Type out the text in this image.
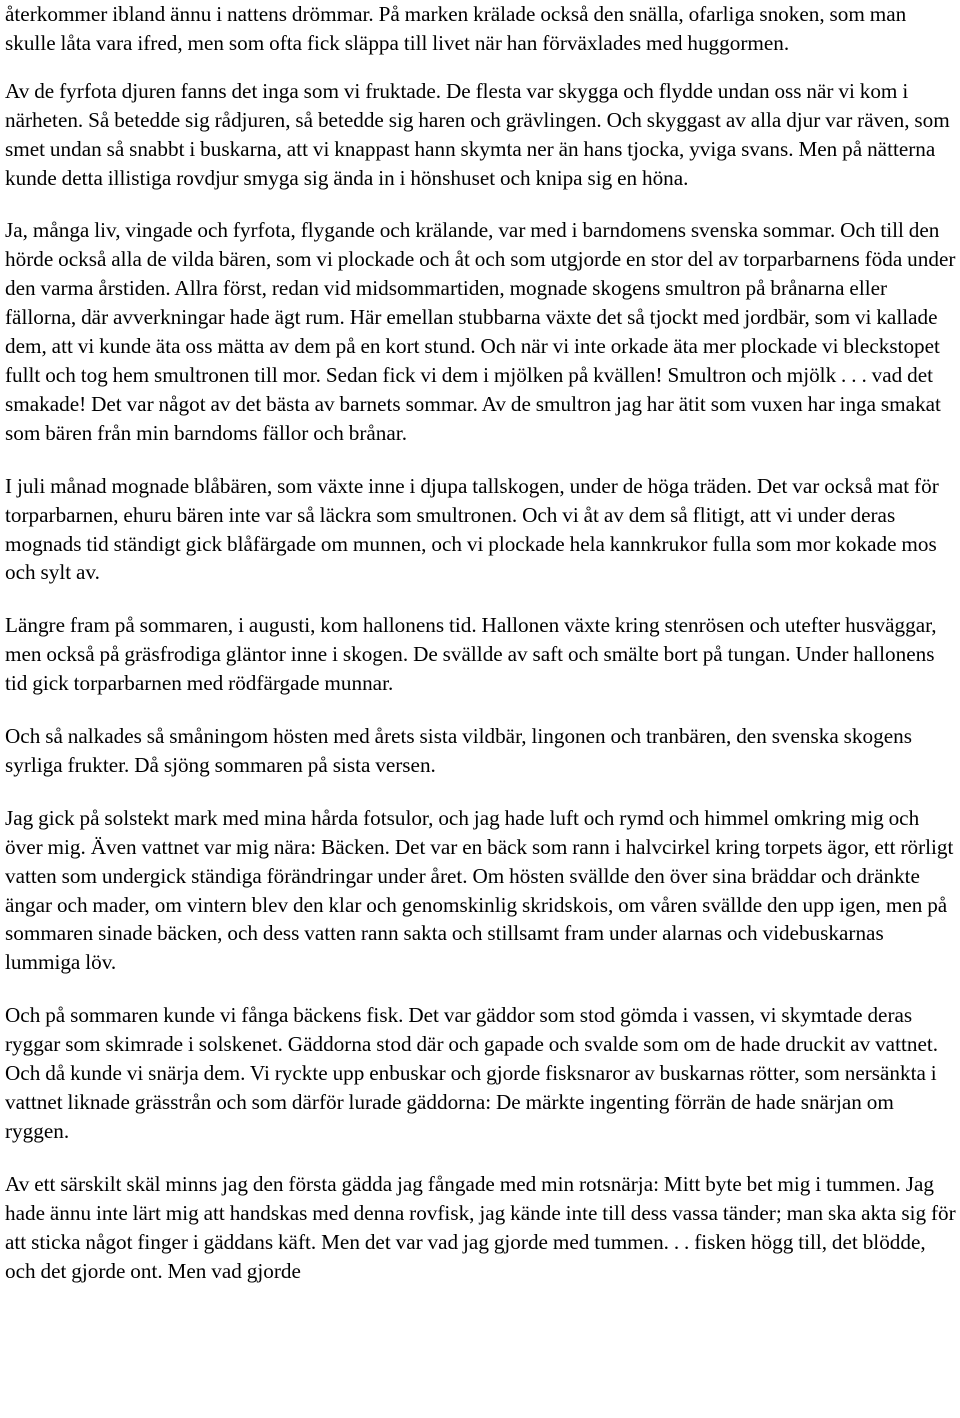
återkommer ibland ännu i nattens drömmar. På marken krälade också den snälla, ofarliga snoken, som man skulle låta vara ifred, men som ofta fick släppa till livet när han förväxlades med huggormen.

Av de fyrfota djuren fanns det inga som vi fruktade. De flesta var skygga och flydde undan oss när vi kom i närheten. Så betedde sig rådjuren, så betedde sig haren och grävlingen. Och skyggast av alla djur var räven, som smet undan så snabbt i buskarna, att vi knappast hann skymta ner än hans tjocka, yviga svans. Men på nätterna kunde detta illistiga rovdjur smyga sig ända in i hönshuset och knipa sig en höna.

Ja, många liv, vingade och fyrfota, flygande och krälande, var med i barndomens svenska sommar. Och till den hörde också alla de vilda bären, som vi plockade och åt och som utgjorde en stor del av torparbarnens föda under den varma årstiden. Allra först, redan vid midsommartiden, mognade skogens smultron på brånarna eller fällorna, där avverkningar hade ägt rum. Här emellan stubbarna växte det så tjockt med jordbär, som vi kallade dem, att vi kunde äta oss mätta av dem på en kort stund. Och när vi inte orkade äta mer plockade vi bleckstopet fullt och tog hem smultronen till mor. Sedan fick vi dem i mjölken på kvällen! Smultron och mjölk . . . vad det smakade! Det var något av det bästa av barnets sommar. Av de smultron jag har ätit som vuxen har inga smakat som bären från min barndoms fällor och brånar.

I juli månad mognade blåbären, som växte inne i djupa tallskogen, under de höga träden. Det var också mat för torparbarnen, ehuru bären inte var så läckra som smultronen. Och vi åt av dem så flitigt, att vi under deras mognads tid ständigt gick blåfärgade om munnen, och vi plockade hela kannkrukor fulla som mor kokade mos och sylt av.

Längre fram på sommaren, i augusti, kom hallonens tid. Hallonen växte kring stenrösen och utefter husväggar, men också på gräsfrodiga gläntor inne i skogen. De svällde av saft och smälte bort på tungan. Under hallonens tid gick torparbarnen med rödfärgade munnar.

Och så nalkades så småningom hösten med årets sista vildbär, lingonen och tranbären, den svenska skogens syrliga frukter. Då sjöng sommaren på sista versen.

Jag gick på solstekt mark med mina hårda fotsulor, och jag hade luft och rymd och himmel omkring mig och över mig. Även vattnet var mig nära: Bäcken. Det var en bäck som rann i halvcirkel kring torpets ägor, ett rörligt vatten som undergick ständiga förändringar under året. Om hösten svällde den över sina bräddar och dränkte ängar och mader, om vintern blev den klar och genomskinlig skridskois, om våren svällde den upp igen, men på sommaren sinade bäcken, och dess vatten rann sakta och stillsamt fram under alarnas och videbuskarnas lummiga löv.

Och på sommaren kunde vi fånga bäckens fisk. Det var gäddor som stod gömda i vassen, vi skymtade deras ryggar som skimrade i solskenet. Gäddorna stod där och gapade och svalde som om de hade druckit av vattnet. Och då kunde vi snärja dem. Vi ryckte upp enbuskar och gjorde fisksnaror av buskarnas rötter, som nersänkta i vattnet liknade grässtrån och som därför lurade gäddorna: De märkte ingenting förrän de hade snärjan om ryggen.

Av ett särskilt skäl minns jag den första gädda jag fångade med min rotsnärja: Mitt byte bet mig i tummen. Jag hade ännu inte lärt mig att handskas med denna rovfisk, jag kände inte till dess vassa tänder; man ska akta sig för att sticka något finger i gäddans käft. Men det var vad jag gjorde med tummen. . . fisken högg till, det blödde, och det gjorde ont. Men vad gjorde
